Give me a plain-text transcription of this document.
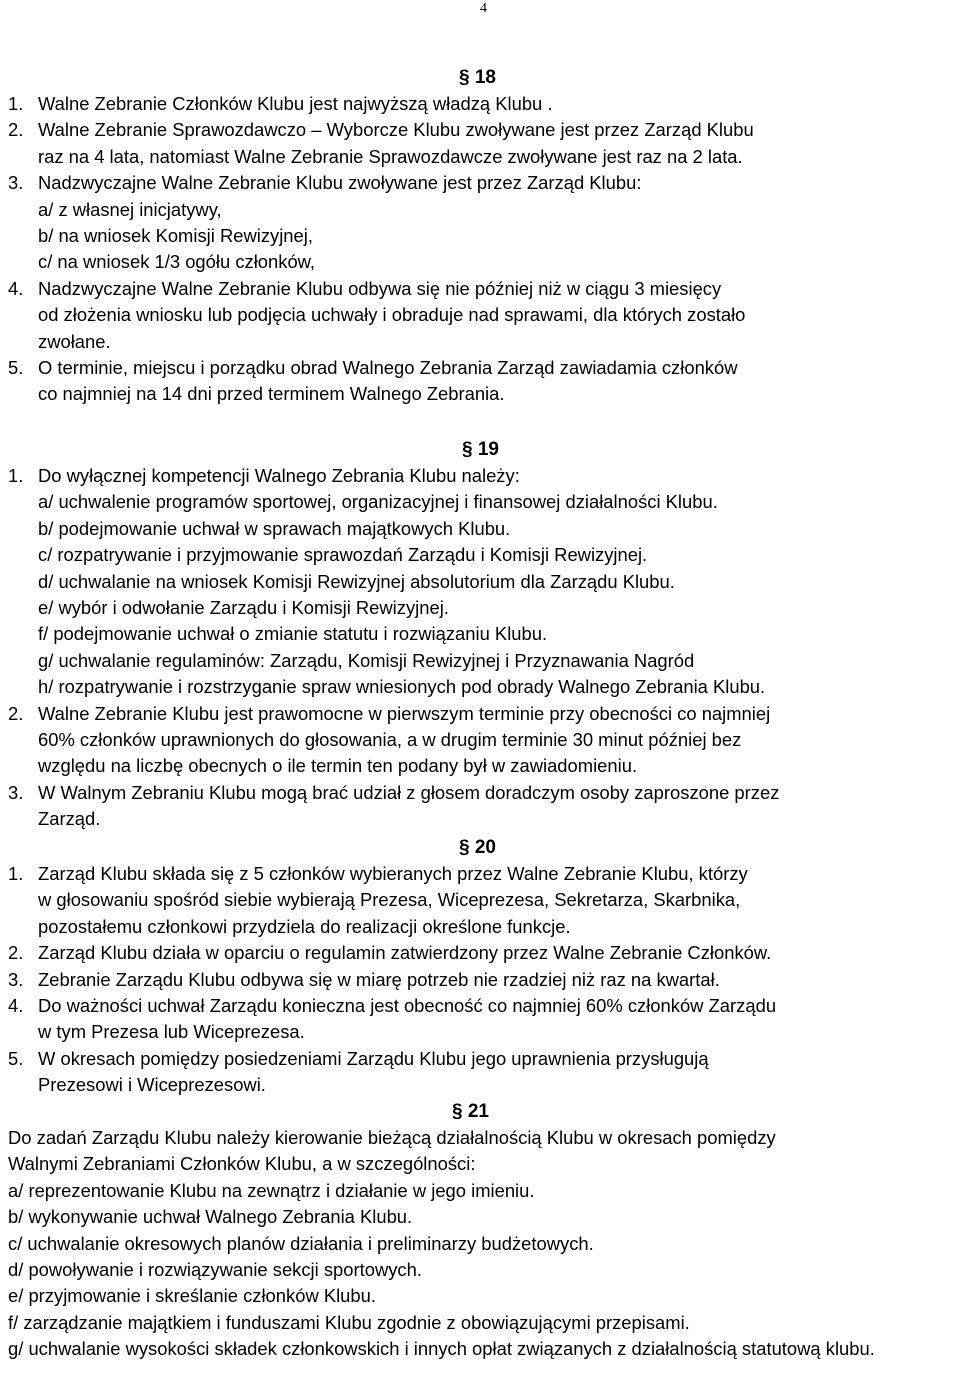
4
§ 18
1. Walne Zebranie Członków Klubu jest najwyższą władzą Klubu .
2. Walne Zebranie Sprawozdawczo – Wyborcze Klubu zwoływane jest przez Zarząd Klubu
raz na 4 lata, natomiast Walne Zebranie Sprawozdawcze zwoływane jest raz na 2 lata.
3. Nadzwyczajne Walne Zebranie Klubu zwoływane jest przez Zarząd Klubu:
a/ z własnej inicjatywy,
b/ na wniosek Komisji Rewizyjnej,
c/ na wniosek 1/3 ogółu członków,
4. Nadzwyczajne Walne Zebranie Klubu odbywa się nie później niż w ciągu 3 miesięcy
od złożenia wniosku lub podjęcia uchwały i obraduje nad sprawami, dla których zostało
zwołane.
5. O terminie, miejscu i porządku obrad Walnego Zebrania Zarząd zawiadamia członków
co najmniej na 14 dni przed terminem Walnego Zebrania.
§ 19
1. Do wyłącznej kompetencji Walnego Zebrania Klubu należy:
a/ uchwalenie programów sportowej, organizacyjnej i finansowej działalności Klubu.
b/ podejmowanie uchwał w sprawach majątkowych Klubu.
c/ rozpatrywanie i przyjmowanie sprawozdań Zarządu i Komisji Rewizyjnej.
d/ uchwalanie na wniosek Komisji Rewizyjnej absolutorium dla Zarządu Klubu.
e/ wybór i odwołanie Zarządu i Komisji Rewizyjnej.
f/ podejmowanie uchwał o zmianie statutu i rozwiązaniu Klubu.
g/ uchwalanie regulaminów: Zarządu, Komisji Rewizyjnej i Przyznawania Nagród
h/ rozpatrywanie i rozstrzyganie spraw wniesionych pod obrady Walnego Zebrania Klubu.
2. Walne Zebranie Klubu jest prawomocne w pierwszym terminie przy obecności co najmniej
60% członków uprawnionych do głosowania, a w drugim terminie 30 minut później bez
względu na liczbę obecnych o ile termin ten podany był w zawiadomieniu.
3. W Walnym Zebraniu Klubu mogą brać udział z głosem doradczym osoby zaproszone przez
Zarząd.
§ 20
1. Zarząd Klubu składa się z 5 członków wybieranych przez Walne Zebranie Klubu, którzy
w głosowaniu spośród siebie wybierają Prezesa, Wiceprezesa, Sekretarza, Skarbnika,
pozostałemu członkowi przydziela do realizacji określone funkcje.
2. Zarząd Klubu działa w oparciu o regulamin zatwierdzony przez Walne Zebranie Członków.
3. Zebranie Zarządu Klubu odbywa się w miarę potrzeb nie rzadziej niż raz na kwartał.
4. Do ważności uchwał Zarządu konieczna jest obecność co najmniej 60% członków Zarządu
w tym Prezesa lub Wiceprezesa.
5. W okresach pomiędzy posiedzeniami Zarządu Klubu jego uprawnienia przysługują
Prezesowi i Wiceprezesowi.
§ 21

Do zadań Zarządu Klubu należy kierowanie bieżącą działalnością Klubu w okresach pomiędzy
Walnymi Zebraniami Członków Klubu, a w szczególności:

a/ reprezentowanie Klubu na zewnątrz i działanie w jego imieniu.

b/ wykonywanie uchwał Walnego Zebrania Klubu.

c/ uchwalanie okresowych planów działania i preliminarzy budżetowych.

d/ powoływanie i rozwiązywanie sekcji sportowych.

e/ przyjmowanie i skreślanie członków Klubu.

f/ zarządzanie majątkiem i funduszami Klubu zgodnie z obowiązującymi przepisami.

g/ uchwalanie wysokości składek członkowskich i innych opłat związanych z działalnością statutową klubu.
